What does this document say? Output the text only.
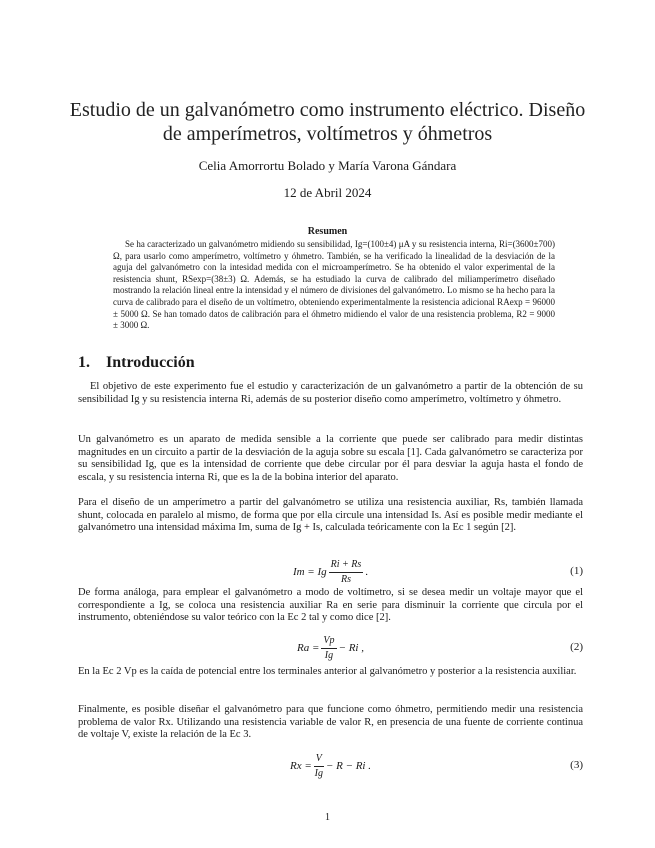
Estudio de un galvanómetro como instrumento eléctrico. Diseño de amperímetros, voltímetros y óhmetros
Celia Amorrortu Bolado y María Varona Gándara
12 de Abril 2024
Resumen
Se ha caracterizado un galvanómetro midiendo su sensibilidad, Ig=(100±4) μA y su resistencia interna, Ri=(3600±700) Ω, para usarlo como amperímetro, voltímetro y óhmetro. También, se ha verificado la linealidad de la desviación de la aguja del galvanómetro con la intesidad medida con el microamperímetro. Se ha obtenido el valor experimental de la resistencia shunt, RSexp=(38±3) Ω. Además, se ha estudiado la curva de calibrado del miliamperímetro diseñado mostrando la relación lineal entre la intensidad y el número de divisiones del galvanómetro. Lo mismo se ha hecho para la curva de calibrado para el diseño de un voltímetro, obteniendo experimentalmente la resistencia adicional RAexp = 96000 ± 5000 Ω. Se han tomado datos de calibración para el óhmetro midiendo el valor de una resistencia problema, R2 = 9000 ± 3000 Ω.
1. Introducción

El objetivo de este experimento fue el estudio y caracterización de un galvanómetro a partir de la obtención de su sensibilidad Ig y su resistencia interna Ri, además de su posterior diseño como amperímetro, voltímetro y óhmetro.

Un galvanómetro es un aparato de medida sensible a la corriente que puede ser calibrado para medir distintas magnitudes en un circuito a partir de la desviación de la aguja sobre su escala [1]. Cada galvanómetro se caracteriza por su sensibilidad Ig, que es la intensidad de corriente que debe circular por él para desviar la aguja hasta el fondo de escala, y su resistencia interna Ri, que es la de la bobina interior del aparato.

Para el diseño de un amperímetro a partir del galvanómetro se utiliza una resistencia auxiliar, Rs, también llamada shunt, colocada en paralelo al mismo, de forma que por ella circule una intensidad Is. Así es posible medir mediante el galvanómetro una intensidad máxima Im, suma de Ig + Is, calculada teóricamente con la Ec 1 según [2].

Im = Ig $\frac{Ri + Rs}{Rs}$ .	(1)

De forma análoga, para emplear el galvanómetro a modo de voltímetro, si se desea medir un voltaje mayor que el correspondiente a Ig, se coloca una resistencia auxiliar Ra en serie para disminuir la corriente que circula por el instrumento, obteniéndose su valor teórico con la Ec 2 tal y como dice [2].

$Ra = \frac{Vp}{Ig} - Ri$ ,	(2)

En la Ec 2 Vp es la caída de potencial entre los terminales anterior al galvanómetro y posterior a la resistencia auxiliar.

Finalmente, es posible diseñar el galvanómetro para que funcione como óhmetro, permitiendo medir una resistencia problema de valor Rx. Utilizando una resistencia variable de valor R, en presencia de una fuente de corriente continua de voltaje V, existe la relación de la Ec 3.

$Rx = \frac{V}{Ig} - R - Ri$ .	(3)
1
